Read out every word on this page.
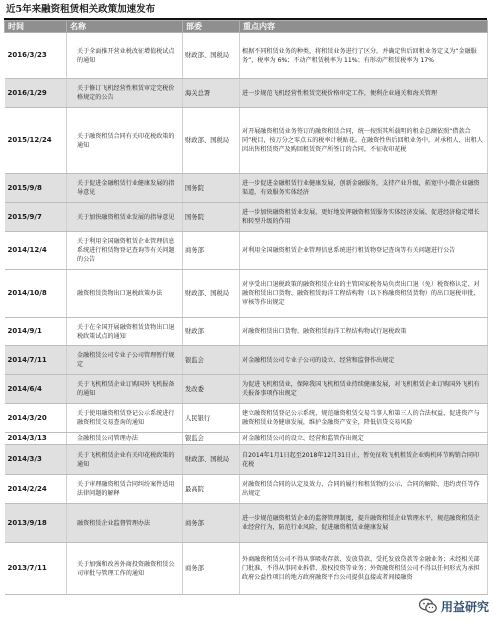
近5年来融资租赁相关政策加速发布
时间	名称	部委	重点内容
2016/3/23	关于全面推开营业税改征增值税试点的通知	财政部、国税局	根据不同租赁业务的种类，将租赁业务进行了区分，并确定售后回租业务定义为“金融服务”，税率为 6%；不动产租赁税率为 11%；有形动产租赁税率为 17%
2016/1/29	关于修订飞机经营性租赁审定完税价格规定的公告	海关总署	进一步规范飞机经营性租赁完税价格审定工作，便利企业通关和海关管理
2015/12/24	关于融资租赁合同有关印花税政策的通知	财政部、国税局	对开展融资租赁业务签订的融资租赁合同，统一按照其所载明的租金总额依照“借款合同”税目，按万分之零点五的税率计税贴花。在融资性售后回租业务中，对承租人、出租人因出售租赁资产及购回租赁资产所签订的合同，不征收印花税
2015/9/8	关于促进金融租赁行业健康发展的指导意见	国务院	进一步促进金融租赁行业健康发展，创新金融服务，支持产业升级，拓宽中小微企业融资渠道，有效服务实体经济
2015/9/7	关于加快融资租赁业发展的指导意见	国务院	进一步加快融资租赁业发展，更好地发挥融资租赁服务实体经济发展、促进经济稳定增长和转型升级的作用
2014/12/4	关于利用全国融资租赁企业管理信息系统进行租赁物登记查询等有关问题的公告	商务部	对利用全国融资租赁企业管理信息系统进行租赁物登记查询等有关问题进行公告
2014/10/8	融资租赁货物出口退税政策办法	财政部、国税局	对享受出口退税政策的融资租赁企业的主管国家税务局负责出口退（免）税资格认定、对融资租赁出口货物、融资租赁海洋工程结构物（以下称融资租赁货物）的出口退税审批、审核等作出规定
2014/9/1	关于在全国开展融资租赁货物出口退税政策试点的通知	财政部	对融资租赁出口货物、融资租赁海洋工程结构物试行退税政策
2014/7/11	金融租赁公司专业子公司管理暂行规定	银监会	对金融租赁公司专业子公司的设立、经营和监督作出规定
2014/6/4	关于飞机租赁企业订购国外飞机报备的通知	发改委	为促进飞机租赁业，保障我国飞机租赁业持续健康发展，对飞机租赁企业订购国外飞机有关报备事项作出规定
2014/3/20	关于使用融资租赁登记公示系统进行融资租赁交易查询的通知	人民银行	建立融资租赁登记公示系统，规范融资租赁交易当事人和第三人的合法权益，促进资产与融资租赁业务健康发展，维护金融资产安全，降低信贷交易风险
2014/3/13	金融租赁公司管理办法	银监会	对金融租赁公司的设立、经营和监管作出规定
2014/3/3	关于飞机租赁企业有关印花税政策的通知	财政部、国税局	自2014年1月1日起至2018年12月31日止，暂免征收飞机租赁企业购机环节购销合同印花税
2014/2/24	关于审理融资租赁合同纠纷案件适用法律问题的解释	最高院	对融资租赁合同的认定及效力、合同的履行和租赁物的公示、合同的解除、违约责任等作出规定
2013/9/18	融资租赁企业监督管理办法	商务部	进一步规范融资租赁企业的监督管理制度，提升融资租赁企业管理水平，规范融资租赁企业经营行为，防范行业风险，促进融资租赁业健康发展
2013/7/11	关于加强和改善外商投资融资租赁公司审批与管理工作的通知	商务部	外商融资租赁公司不得从事吸收存款、发放贷款、受托发放贷款等金融业务；未经相关部门批准，不得从事同业拆借、股权投资等业务；外资融资租赁公司不得以任何形式为承担政府公益性项目的地方政府融资平台公司提供直接或者间接融资
用益研究
